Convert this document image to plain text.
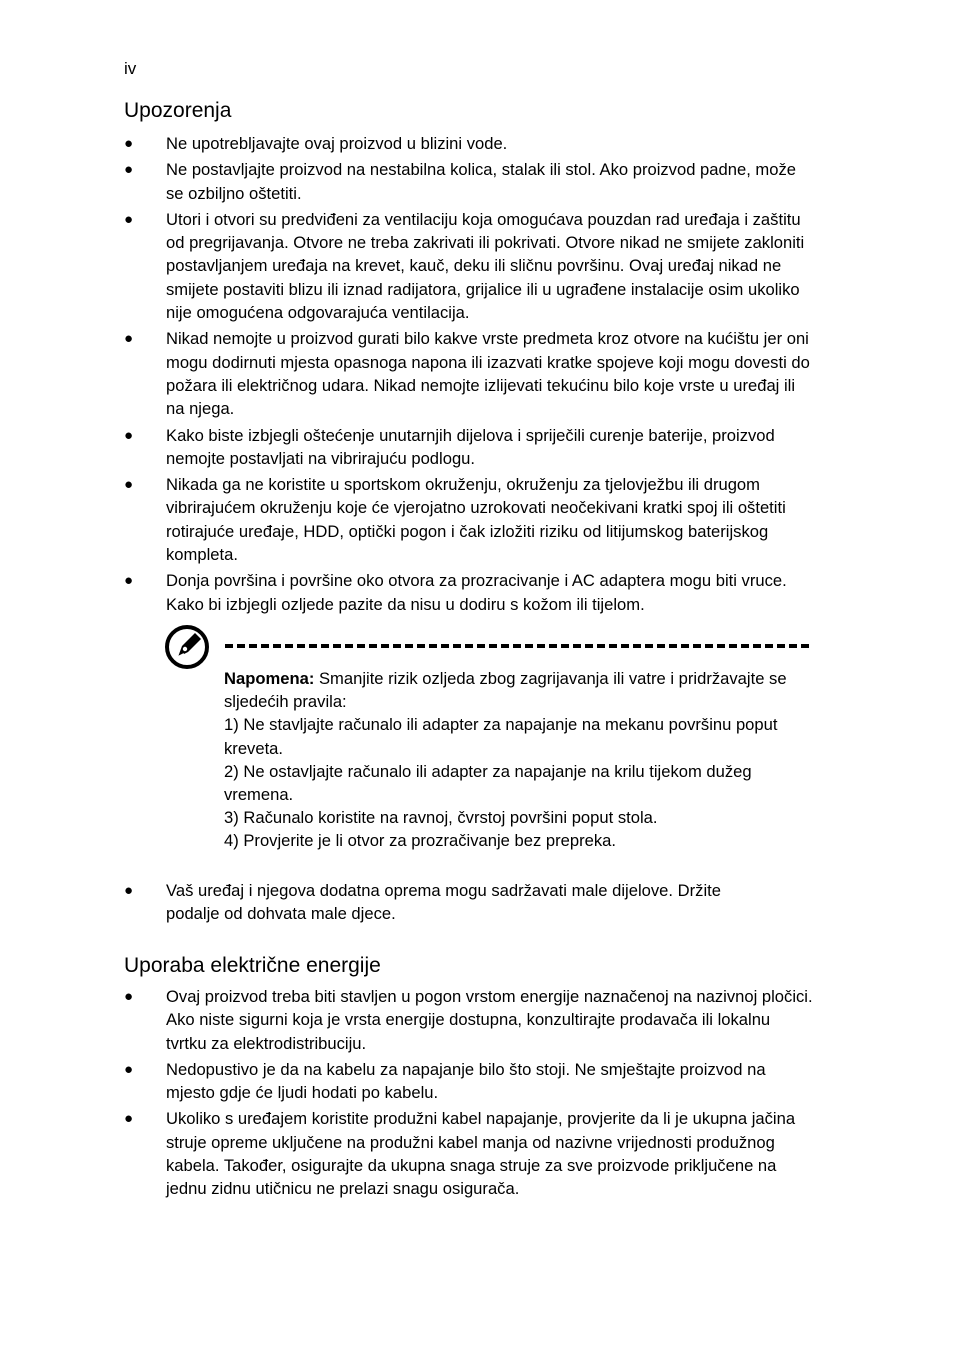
iv
Upozorenja
● Ne upotrebljavajte ovaj proizvod u blizini vode.
● Ne postavljajte proizvod na nestabilna kolica, stalak ili stol. Ako proizvod padne, može se ozbiljno oštetiti.
● Utori i otvori su predviđeni za ventilaciju koja omogućava pouzdan rad uređaja i zaštitu od pregrijavanja. Otvore ne treba zakrivati ili pokrivati. Otvore nikad ne smijete zakloniti postavljanjem uređaja na krevet, kauč, deku ili sličnu površinu. Ovaj uređaj nikad ne smijete postaviti blizu ili iznad radijatora, grijalice ili u ugrađene instalacije osim ukoliko nije omogućena odgovarajuća ventilacija.
● Nikad nemojte u proizvod gurati bilo kakve vrste predmeta kroz otvore na kućištu jer oni mogu dodirnuti mjesta opasnoga napona ili izazvati kratke spojeve koji mogu dovesti do požara ili električnog udara. Nikad nemojte izlijevati tekućinu bilo koje vrste u uređaj ili na njega.
● Kako biste izbjegli oštećenje unutarnjih dijelova i spriječili curenje baterije, proizvod nemojte postavljati na vibrirajuću podlogu.
● Nikada ga ne koristite u sportskom okruženju, okruženju za tjelovježbu ili drugom vibrirajućem okruženju koje će vjerojatno uzrokovati neočekivani kratki spoj ili oštetiti rotirajuće uređaje, HDD, optički pogon i čak izložiti riziku od litijumskog baterijskog kompleta.
● Donja površina i površine oko otvora za prozracivanje i AC adaptera mogu biti vruce. Kako bi izbjegli ozljede pazite da nisu u dodiru s kožom ili tijelom.

Napomena: Smanjite rizik ozljeda zbog zagrijavanja ili vatre i pridržavajte se sljedećih pravila:

1) Ne stavljajte računalo ili adapter za napajanje na mekanu površinu poput kreveta.

2) Ne ostavljajte računalo ili adapter za napajanje na krilu tijekom dužeg vremena.

3) Računalo koristite na ravnoj, čvrstoj površini poput stola.

4) Provjerite je li otvor za prozračivanje bez prepreka.

● Vaš uređaj i njegova dodatna oprema mogu sadržavati male dijelove. Držite podalje od dohvata male djece.
Uporaba električne energije
● Ovaj proizvod treba biti stavljen u pogon vrstom energije naznačenoj na nazivnoj pločici. Ako niste sigurni koja je vrsta energije dostupna, konzultirajte prodavača ili lokalnu tvrtku za elektrodistribuciju.
● Nedopustivo je da na kabelu za napajanje bilo što stoji. Ne smještajte proizvod na mjesto gdje će ljudi hodati po kabelu.
● Ukoliko s uređajem koristite produžni kabel napajanje, provjerite da li je ukupna jačina struje opreme uključene na produžni kabel manja od nazivne vrijednosti produžnog kabela. Također, osigurajte da ukupna snaga struje za sve proizvode priključene na jednu zidnu utičnicu ne prelazi snagu osigurača.
